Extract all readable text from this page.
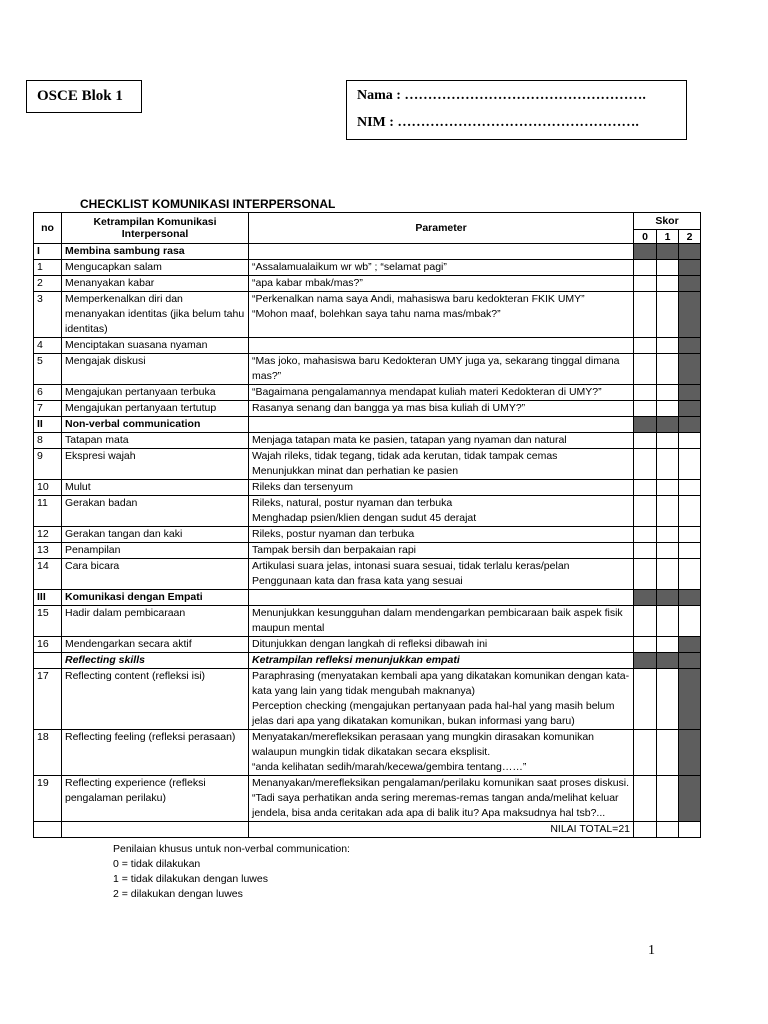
OSCE Blok 1	Nama : …………………………………………….
NIM : …………………………………………….
CHECKLIST KOMUNIKASI INTERPERSONAL
no	Ketrampilan Komunikasi Interpersonal	Parameter	Skor		
			0	1	2
I	Membina sambung rasa				
1	Mengucapkan salam	“Assalamualaikum wr wb” ; “selamat pagi”			

2	Menanyakan kabar	“apa kabar mbak/mas?”			

3	Memperkenalkan diri dan menanyakan identitas (jika belum tahu identitas)	“Perkenalkan nama saya Andi, mahasiswa baru kedokteran FKIK UMY”
“Mohon maaf, bolehkan saya tahu nama mas/mbak?”			

4	Menciptakan suasana nyaman	

5	Mengajak diskusi	“Mas joko, mahasiswa baru Kedokteran UMY juga ya, sekarang tinggal dimana mas?”			

6	Mengajukan pertanyaan terbuka	“Bagaimana pengalamannya mendapat kuliah materi Kedokteran di UMY?”			

7	Mengajukan pertanyaan tertutup	Rasanya senang dan bangga ya mas bisa kuliah di UMY?”			

II	Non-verbal communication				
8	Tatapan mata	Menjaga tatapan mata ke pasien, tatapan yang nyaman dan natural			

9	Ekspresi wajah	Wajah rileks, tidak tegang, tidak ada kerutan, tidak tampak cemas
Menunjukkan minat dan perhatian ke pasien			

10	Mulut	Rileks dan tersenyum			

11	Gerakan badan	Rileks, natural, postur nyaman dan terbuka
Menghadap psien/klien dengan sudut 45 derajat			

12	Gerakan tangan dan kaki	Rileks, postur nyaman dan terbuka			

13	Penampilan	Tampak bersih dan berpakaian rapi			

14	Cara bicara	Artikulasi suara jelas, intonasi suara sesuai, tidak terlalu keras/pelan
Penggunaan kata dan frasa kata yang sesuai			

III	Komunikasi dengan Empati				
15	Hadir dalam pembicaraan	Menunjukkan kesungguhan dalam mendengarkan pembicaraan baik aspek fisik maupun mental			

16	Mendengarkan secara aktif	Ditunjukkan dengan langkah di refleksi dibawah ini			

	Reflecting skills	Ketrampilan refleksi menunjukkan empati			
17	Reflecting content (refleksi isi)	Paraphrasing (menyatakan kembali apa yang dikatakan komunikan dengan kata-kata yang lain yang tidak mengubah maknanya)
Perception checking (mengajukan pertanyaan pada hal-hal yang masih belum jelas dari apa yang dikatakan komunikan, bukan informasi yang baru)			

18	Reflecting feeling (refleksi perasaan)	Menyatakan/merefleksikan perasaan yang mungkin dirasakan komunikan walaupun mungkin tidak dikatakan secara eksplisit.
“anda kelihatan sedih/marah/kecewa/gembira tentang……”			

19	Reflecting experience (refleksi pengalaman perilaku)	Menanyakan/merefleksikan pengalaman/perilaku komunikan saat proses diskusi.
“Tadi saya perhatikan anda sering meremas-remas tangan anda/melihat keluar jendela, bisa anda ceritakan ada apa di balik itu? Apa maksudnya hal tsb?...			

		NILAI TOTAL=21			
Penilaian khusus untuk non-verbal communication:
0 = tidak dilakukan
1 = tidak dilakukan dengan luwes
2 = dilakukan dengan luwes
1
